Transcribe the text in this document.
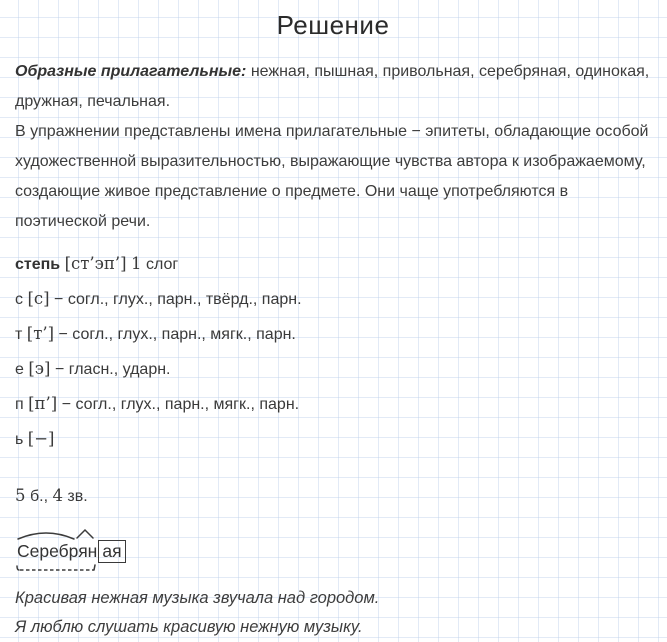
Решение

Образные прилагательные: нежная, пышная, привольная, серебряная, одинокая, дружная, печальная.

В упражнении представлены имена прилагательные − эпитеты, обладающие особой художественной выразительностью, выражающие чувства автора к изображаемому, создающие живое представление о предмете. Они чаще употребляются в поэтической речи.

степь [ст’эп’] 1 слог
с [с] − согл., глух., парн., твёрд., парн.
т [т’] − согл., глух., парн., мягк., парн.
е [э] − гласн., ударн.
п [п’] − согл., глух., парн., мягк., парн.
ь [−]
5 б., 4 зв.
Серебрян ая
Красивая нежная музыка звучала над городом.
Я люблю слушать красивую нежную музыку.
